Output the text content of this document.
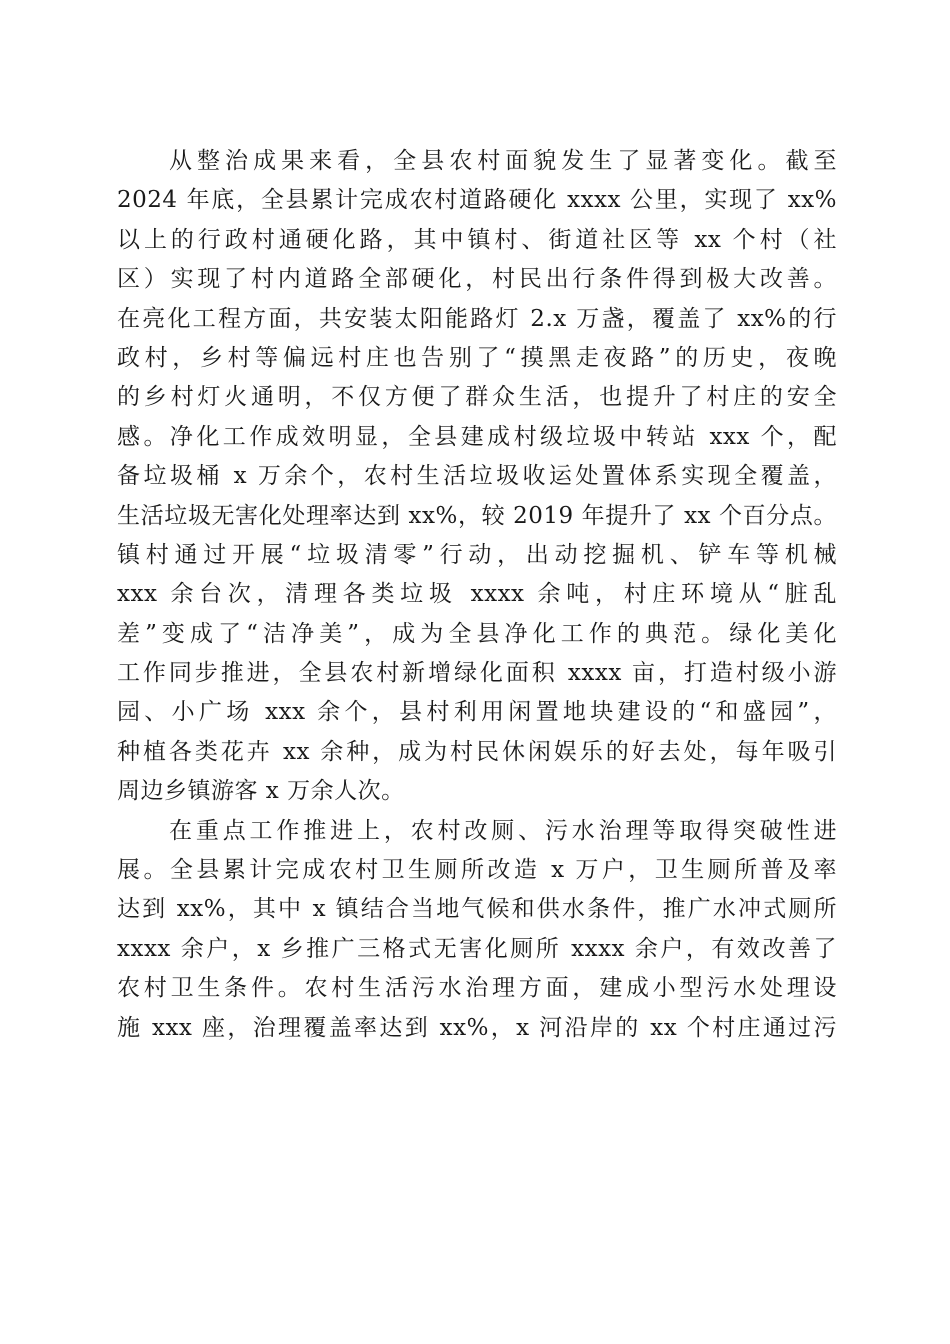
从整治成果来看，全县农村面貌发生了显著变化。截至
2024 年底，全县累计完成农村道路硬化 xxxx 公里，实现了 xx%
以上的行政村通硬化路，其中镇村、街道社区等 xx 个村（社
区）实现了村内道路全部硬化，村民出行条件得到极大改善。
在亮化工程方面，共安装太阳能路灯 2.x 万盏，覆盖了 xx%的行
政村，乡村等偏远村庄也告别了“摸黑走夜路”的历史，夜晚
的乡村灯火通明，不仅方便了群众生活，也提升了村庄的安全
感。净化工作成效明显，全县建成村级垃圾中转站 xxx 个，配
备垃圾桶 x 万余个，农村生活垃圾收运处置体系实现全覆盖，
生活垃圾无害化处理率达到 xx%，较 2019 年提升了 xx 个百分点。
镇村通过开展“垃圾清零”行动，出动挖掘机、铲车等机械
xxx 余台次，清理各类垃圾 xxxx 余吨，村庄环境从“脏乱
差”变成了“洁净美”，成为全县净化工作的典范。绿化美化
工作同步推进，全县农村新增绿化面积 xxxx 亩，打造村级小游
园、小广场 xxx 余个，县村利用闲置地块建设的“和盛园”，
种植各类花卉 xx 余种，成为村民休闲娱乐的好去处，每年吸引
周边乡镇游客 x 万余人次。
在重点工作推进上，农村改厕、污水治理等取得突破性进
展。全县累计完成农村卫生厕所改造 x 万户，卫生厕所普及率
达到 xx%，其中 x 镇结合当地气候和供水条件，推广水冲式厕所
xxxx 余户，x 乡推广三格式无害化厕所 xxxx 余户，有效改善了
农村卫生条件。农村生活污水治理方面，建成小型污水处理设
施 xxx 座，治理覆盖率达到 xx%，x 河沿岸的 xx 个村庄通过污
